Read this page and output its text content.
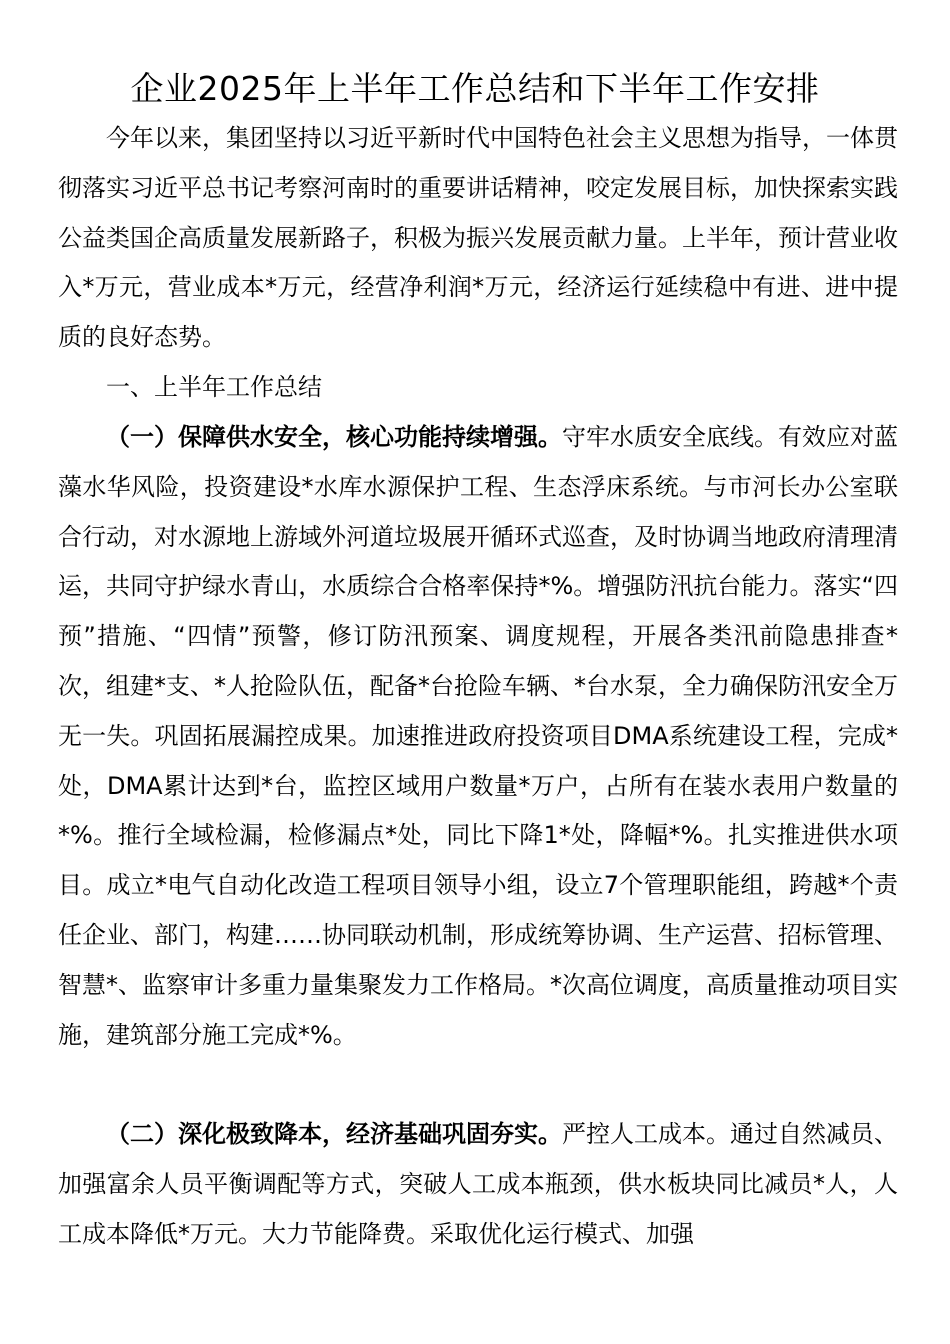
企业2025年上半年工作总结和下半年工作安排

今年以来，集团坚持以习近平新时代中国特色社会主义思想为指导，一体贯彻落实习近平总书记考察河南时的重要讲话精神，咬定发展目标，加快探索实践公益类国企高质量发展新路子，积极为振兴发展贡献力量。上半年，预计营业收入*万元，营业成本*万元，经营净利润*万元，经济运行延续稳中有进、进中提质的良好态势。

一、上半年工作总结

（一）保障供水安全，核心功能持续增强。守牢水质安全底线。有效应对蓝藻水华风险，投资建设*水库水源保护工程、生态浮床系统。与市河长办公室联合行动，对水源地上游域外河道垃圾展开循环式巡查，及时协调当地政府清理清运，共同守护绿水青山，水质综合合格率保持*%。增强防汛抗台能力。落实“四预”措施、“四情”预警，修订防汛预案、调度规程，开展各类汛前隐患排查*次，组建*支、*人抢险队伍，配备*台抢险车辆、*台水泵，全力确保防汛安全万无一失。巩固拓展漏控成果。加速推进政府投资项目DMA系统建设工程，完成*处，DMA累计达到*台，监控区域用户数量*万户，占所有在装水表用户数量的*%。推行全域检漏，检修漏点*处，同比下降1*处，降幅*%。扎实推进供水项目。成立*电气自动化改造工程项目领导小组，设立7个管理职能组，跨越*个责任企业、部门，构建……协同联动机制，形成统筹协调、生产运营、招标管理、智慧*、监察审计多重力量集聚发力工作格局。*次高位调度，高质量推动项目实施，建筑部分施工完成*%。

（二）深化极致降本，经济基础巩固夯实。严控人工成本。通过自然减员、加强富余人员平衡调配等方式，突破人工成本瓶颈，供水板块同比减员*人，人工成本降低*万元。大力节能降费。采取优化运行模式、加强
